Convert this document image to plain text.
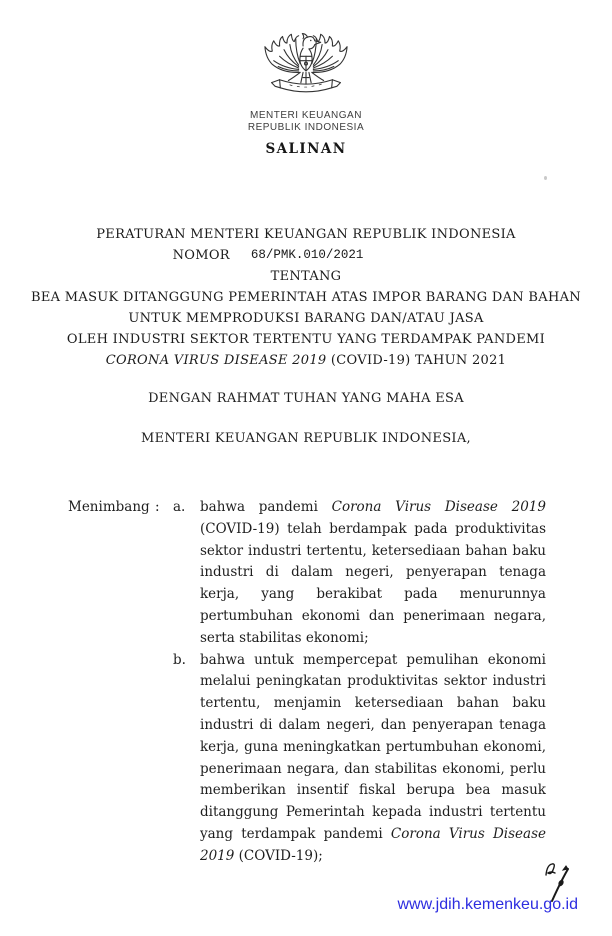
MENTERI KEUANGAN
REPUBLIK INDONESIA
SALINAN
PERATURAN MENTERI KEUANGAN REPUBLIK INDONESIA
NOMOR 68/PMK.010/2021
TENTANG
BEA MASUK DITANGGUNG PEMERINTAH ATAS IMPOR BARANG DAN BAHAN
UNTUK MEMPRODUKSI BARANG DAN/ATAU JASA
OLEH INDUSTRI SEKTOR TERTENTU YANG TERDAMPAK PANDEMI
CORONA VIRUS DISEASE 2019 (COVID-19) TAHUN 2021
DENGAN RAHMAT TUHAN YANG MAHA ESA
MENTERI KEUANGAN REPUBLIK INDONESIA,
Menimbang : a.	bahwa pandemi Corona Virus Disease 2019 (COVID-19) telah berdampak pada produktivitas sektor industri tertentu, ketersediaan bahan baku industri di dalam negeri, penyerapan tenaga kerja, yang berakibat pada menurunnya pertumbuhan ekonomi dan penerimaan negara, serta stabilitas ekonomi;
b.	bahwa untuk mempercepat pemulihan ekonomi melalui peningkatan produktivitas sektor industri tertentu, menjamin ketersediaan bahan baku industri di dalam negeri, dan penyerapan tenaga kerja, guna meningkatkan pertumbuhan ekonomi, penerimaan negara, dan stabilitas ekonomi, perlu memberikan insentif fiskal berupa bea masuk ditanggung Pemerintah kepada industri tertentu yang terdampak pandemi Corona Virus Disease 2019 (COVID-19);
www.jdih.kemenkeu.go.id
